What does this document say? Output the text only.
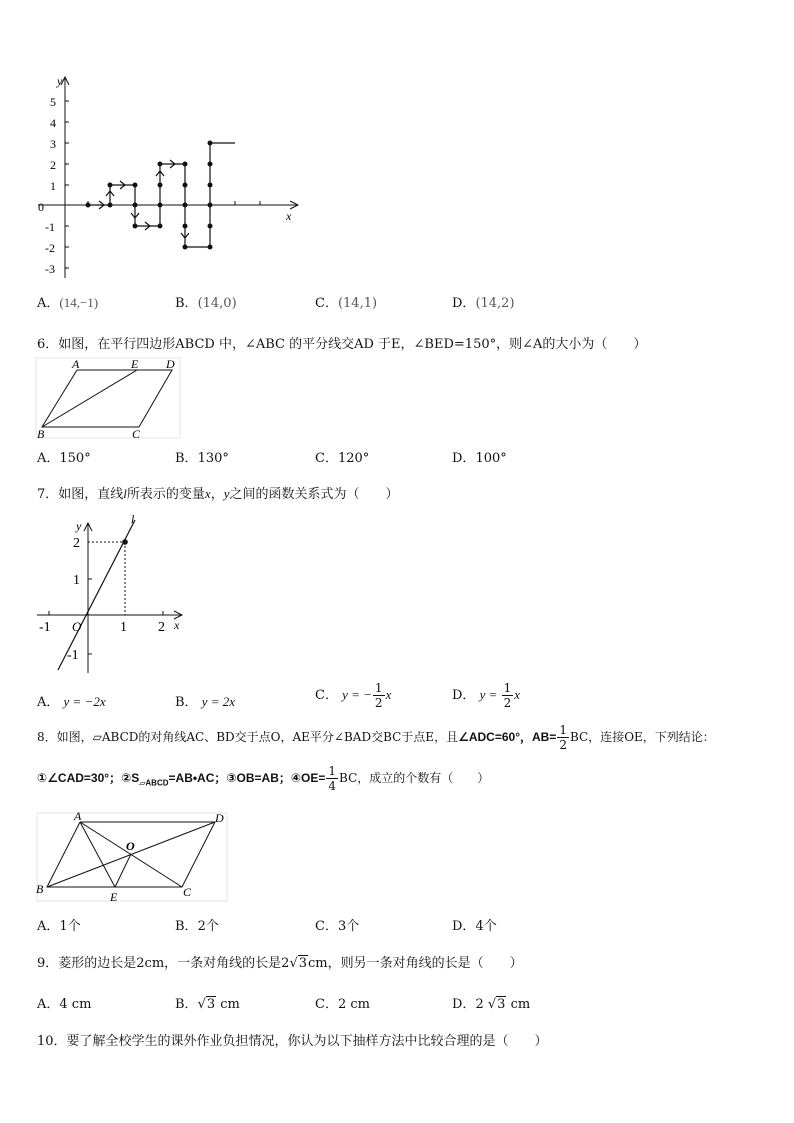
y
x
0
5
4
3
2
1
-1
-2
-3
A．(14,−1)	B．(14,0)	C．(14,1)	D．(14,2)
6．如图，在平行四边形ABCD 中，∠ABC 的平分线交AD 于E，∠BED=150°，则∠A的大小为（　　）
A	E D
B	C
A．150°	B．130°	C．120°	D．100°
7．如图，直线l所表示的变量x，y之间的函数关系式为（　　）
l
y
x
O
2
1
-1
-1	1 2
A． y = −2x	B． y = 2x	C． y = − $\frac{1}{2}$ x	D． $y = \frac{1}{2}$ x
8．如图，▱ABCD的对角线AC、BD交于点O，AE平分∠BAD交BC于点E，且∠ADC=60°，$AB= \frac{1}{2}$ BC，连接OE，下列结论：
①∠CAD=30°；$②S_{▱ABCD}=AB•AC$；③OB=AB；④OE= $\frac{1}{4}$ BC，成立的个数有（　　）
A	D
O
B
E	C
A．1个	B．2个	C．3个	D．4个
9．菱形的边长是2cm，一条对角线的长是2√3cm，则另一条对角线的长是（　　）
A．4 cm	B．√3 cm	C．2 cm	D．2 √3 cm
10．要了解全校学生的课外作业负担情况，你认为以下抽样方法中比较合理的是（　　）
